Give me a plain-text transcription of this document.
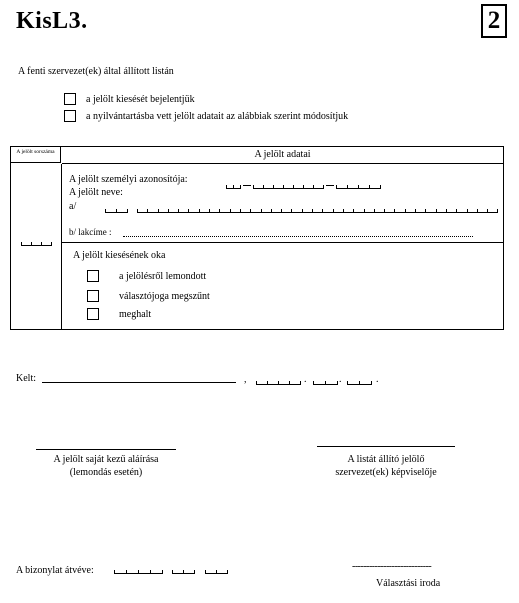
KisL3.	2
A fenti szervezet(ek) által állított listán
a jelölt kiesését bejelentjük
a nyilvántartásba vett jelölt adatait az alábbiak szerint módosítjuk
A jelölt sorszáma	A jelölt adatai
A jelölt személyi azonosítója:
A jelölt neve:
a/
b/ lakcíme :
A jelölt kiesésének oka
a jelölésről lemondott
választójoga megszűnt
meghalt
Kelt:	,	.	.	.
A jelölt saját kezű aláírása
(lemondás esetén)
A listát állító jelölő
szervezet(ek) képviselője
A bizonylat átvéve:	----------------------------
Választási iroda
